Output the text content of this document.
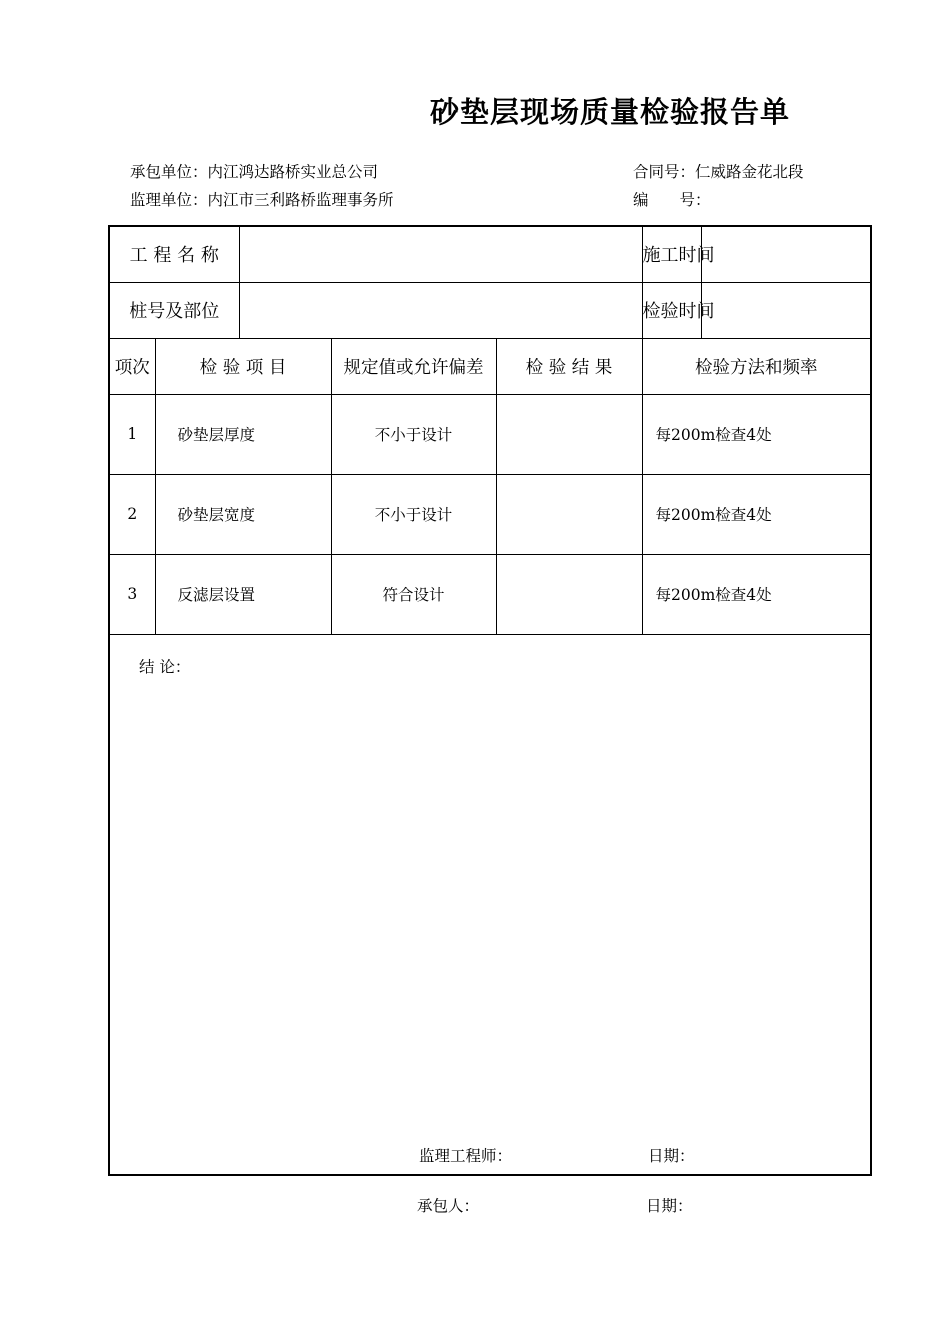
砂垫层现场质量检验报告单
承包单位：内江鸿达路桥实业总公司	合同号：仁威路金花北段
监理单位：内江市三利路桥监理事务所	编　　号：
工 程 名 称					施工时间	
桩号及部位					检验时间	
项次	检 验 项 目		规定值或允许偏差	检 验 结 果	检验方法和频率	
1	砂垫层厚度		不小于设计		每200m检查4处	
2	砂垫层宽度		不小于设计		每200m检查4处	
3	反滤层设置		符合设计		每200m检查4处	

结 论：
监理工程师： 日期：						
承包人：	日期：
